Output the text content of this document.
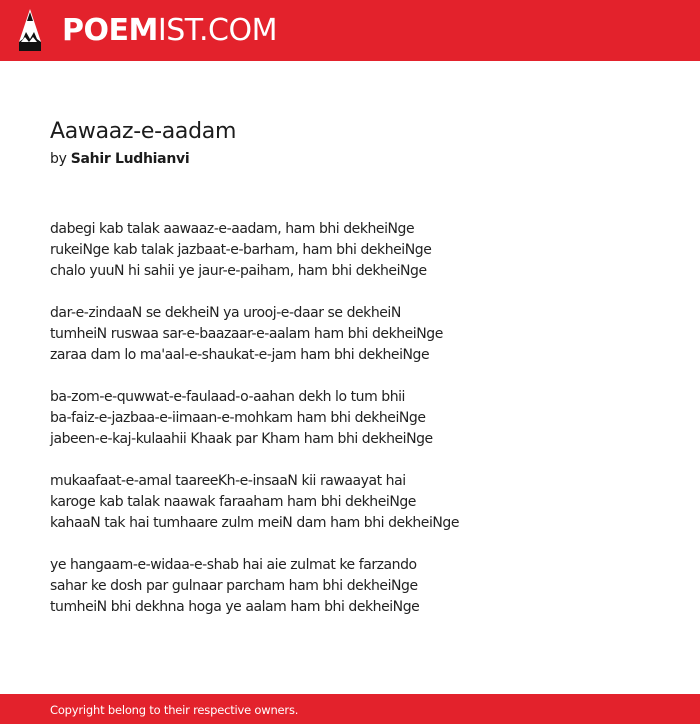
POEMIST.COM
Aawaaz-e-aadam

by Sahir Ludhianvi

dabegi kab talak aawaaz-e-aadam, ham bhi dekheiNge
rukeiNge kab talak jazbaat-e-barham, ham bhi dekheiNge
chalo yuuN hi sahii ye jaur-e-paiham, ham bhi dekheiNge

dar-e-zindaaN se dekheiN ya urooj-e-daar se dekheiN
tumheiN ruswaa sar-e-baazaar-e-aalam ham bhi dekheiNge
zaraa dam lo ma'aal-e-shaukat-e-jam ham bhi dekheiNge

ba-zom-e-quwwat-e-faulaad-o-aahan dekh lo tum bhii
ba-faiz-e-jazbaa-e-iimaan-e-mohkam ham bhi dekheiNge
jabeen-e-kaj-kulaahii Khaak par Kham ham bhi dekheiNge

mukaafaat-e-amal taareeKh-e-insaaN kii rawaayat hai
karoge kab talak naawak faraaham ham bhi dekheiNge
kahaaN tak hai tumhaare zulm meiN dam ham bhi dekheiNge

ye hangaam-e-widaa-e-shab hai aie zulmat ke farzando
sahar ke dosh par gulnaar parcham ham bhi dekheiNge
tumheiN bhi dekhna hoga ye aalam ham bhi dekheiNge

Copyright belong to their respective owners.
